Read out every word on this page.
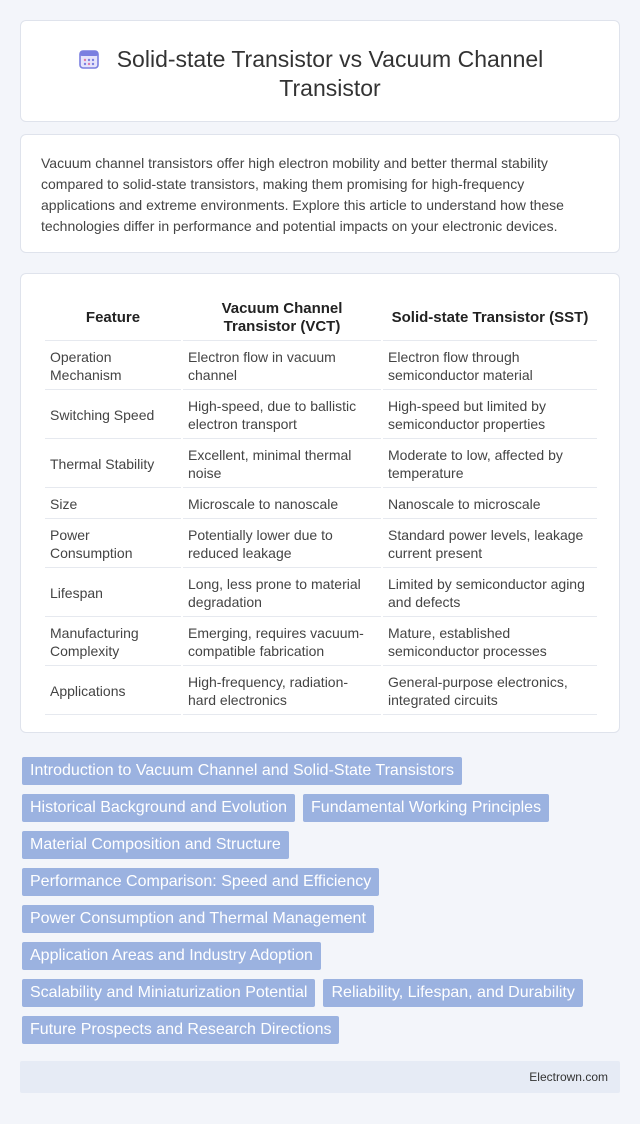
Solid-state Transistor vs Vacuum Channel Transistor

Vacuum channel transistors offer high electron mobility and better thermal stability compared to solid-state transistors, making them promising for high-frequency applications and extreme environments. Explore this article to understand how these technologies differ in performance and potential impacts on your electronic devices.

Feature	Vacuum Channel Transistor (VCT)	Solid-state Transistor (SST)
Operation Mechanism	Electron flow in vacuum channel	Electron flow through semiconductor material
Switching Speed	High-speed, due to ballistic electron transport	High-speed but limited by semiconductor properties
Thermal Stability	Excellent, minimal thermal noise	Moderate to low, affected by temperature
Size	Microscale to nanoscale	Nanoscale to microscale
Power Consumption	Potentially lower due to reduced leakage	Standard power levels, leakage current present
Lifespan	Long, less prone to material degradation	Limited by semiconductor aging and defects
Manufacturing Complexity	Emerging, requires vacuum-compatible fabrication	Mature, established semiconductor processes
Applications	High-frequency, radiation-hard electronics	General-purpose electronics, integrated circuits
Introduction to Vacuum Channel and Solid-State Transistors
Historical Background and Evolution	Fundamental Working Principles
Material Composition and Structure
Performance Comparison: Speed and Efficiency
Power Consumption and Thermal Management
Application Areas and Industry Adoption
Scalability and Miniaturization Potential	Reliability, Lifespan, and Durability
Future Prospects and Research Directions
Electrown.com
